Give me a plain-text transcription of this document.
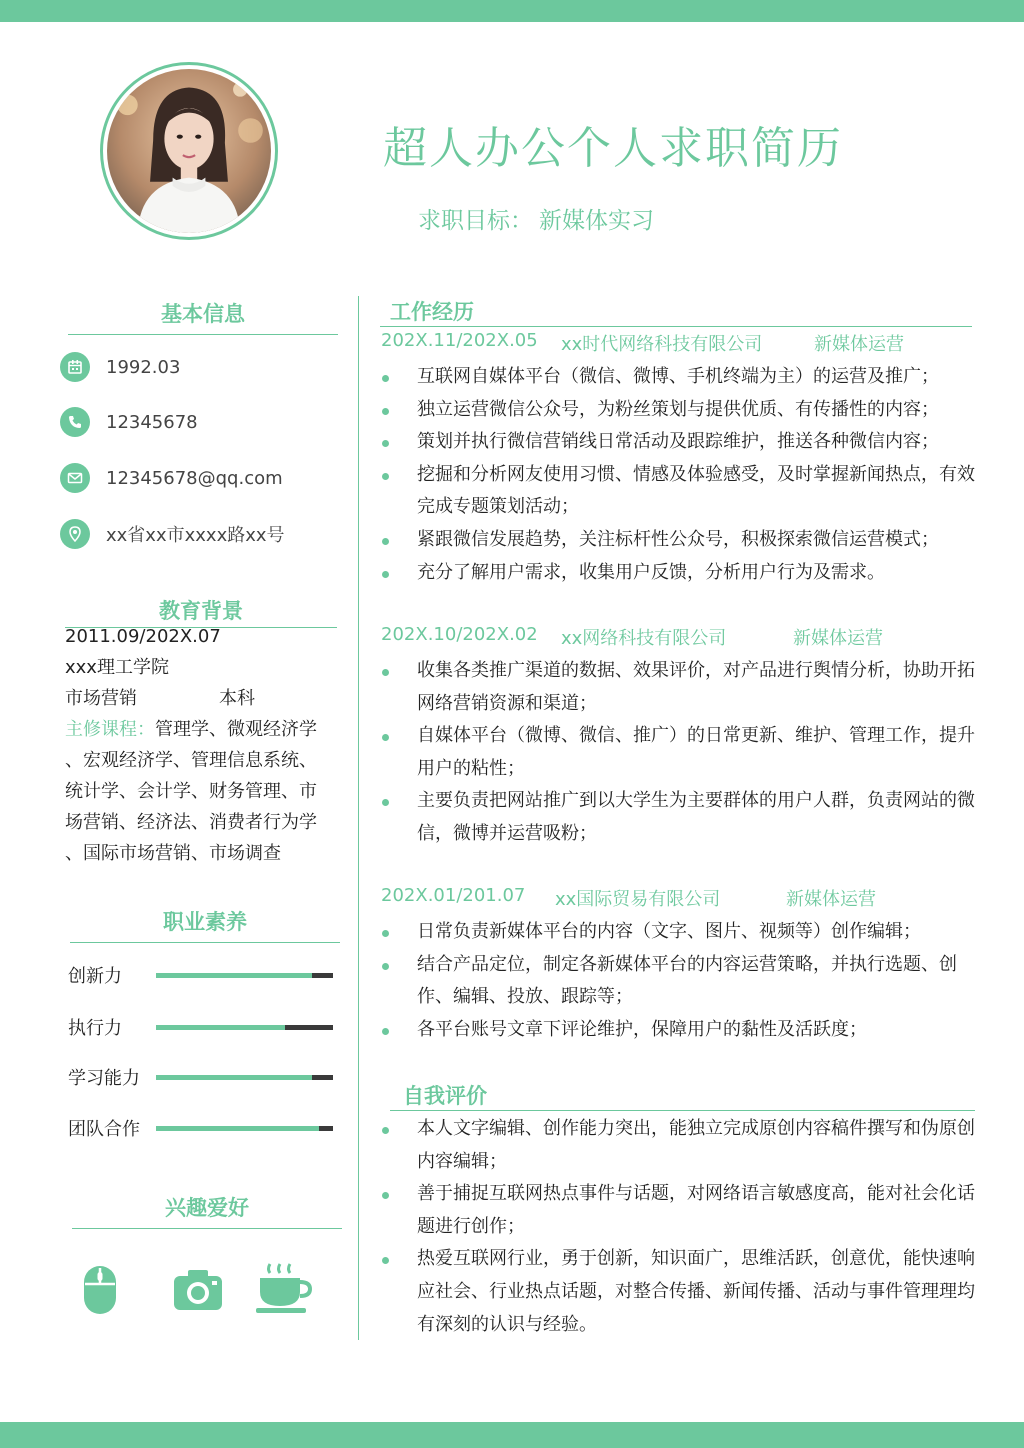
超人办公个人求职简历
求职目标： 新媒体实习
基本信息
1992.03
12345678
12345678@qq.com
xx省xx市xxxx路xx号
教育背景
2011.09/202X.07
xxx理工学院
市场营销	本科
主修课程：管理学、微观经济学
、宏观经济学、管理信息系统、
统计学、会计学、财务管理、市
场营销、经济法、消费者行为学
、国际市场营销、市场调查
职业素养
创新力
执行力
学习能力
团队合作
兴趣爱好
工作经历
202X.11/202X.05 xx时代网络科技有限公司	新媒体运营
互联网自媒体平台（微信、微博、手机终端为主）的运营及推广；
独立运营微信公众号，为粉丝策划与提供优质、有传播性的内容；
策划并执行微信营销线日常活动及跟踪维护，推送各种微信内容；
挖掘和分析网友使用习惯、情感及体验感受，及时掌握新闻热点，有效完成专题策划活动；
紧跟微信发展趋势，关注标杆性公众号，积极探索微信运营模式；
充分了解用户需求，收集用户反馈，分析用户行为及需求。
202X.10/202X.02 xx网络科技有限公司	新媒体运营
收集各类推广渠道的数据、效果评价，对产品进行舆情分析，协助开拓网络营销资源和渠道；
自媒体平台（微博、微信、推广）的日常更新、维护、管理工作，提升用户的粘性；
主要负责把网站推广到以大学生为主要群体的用户人群，负责网站的微信，微博并运营吸粉；
202X.01/201.07 xx国际贸易有限公司	新媒体运营
日常负责新媒体平台的内容（文字、图片、视频等）创作编辑；
结合产品定位，制定各新媒体平台的内容运营策略，并执行选题、创作、编辑、投放、跟踪等；
各平台账号文章下评论维护，保障用户的黏性及活跃度；
自我评价
本人文字编辑、创作能力突出，能独立完成原创内容稿件撰写和伪原创内容编辑；
善于捕捉互联网热点事件与话题，对网络语言敏感度高，能对社会化话题进行创作；
热爱互联网行业，勇于创新，知识面广，思维活跃，创意优，能快速响应社会、行业热点话题，对整合传播、新闻传播、活动与事件管理理均有深刻的认识与经验。
